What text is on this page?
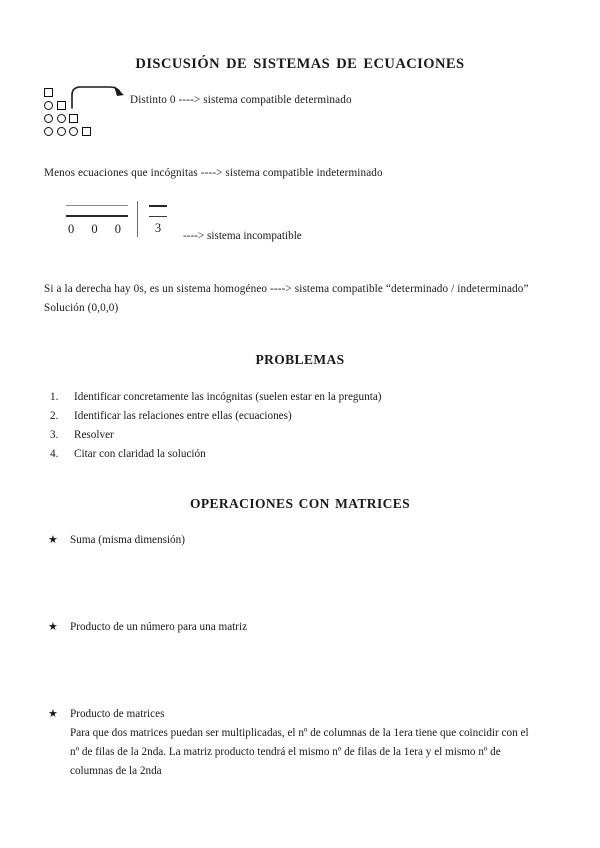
DISCUSIÓN DE SISTEMAS DE ECUACIONES
Distinto 0 ----> sistema compatible determinado
Menos ecuaciones que incógnitas ----> sistema compatible indeterminado
0 0 0	3
----> sistema incompatible
Si a la derecha hay 0s, es un sistema homogéneo ----> sistema compatible “determinado / indeterminado” Solución (0,0,0)
PROBLEMAS
1. Identificar concretamente las incógnitas (suelen estar en la pregunta)
2. Identificar las relaciones entre ellas (ecuaciones)
3. Resolver
4. Citar con claridad la solución
OPERACIONES CON MATRICES
★	Suma (misma dimensión)
★	Producto de un número para una matriz
★	Producto de matrices
Para que dos matrices puedan ser multiplicadas, el nº de columnas de la 1era tiene que coincidir con el nº de filas de la 2nda. La matriz producto tendrá el mismo nº de filas de la 1era y el mismo nº de columnas de la 2nda
